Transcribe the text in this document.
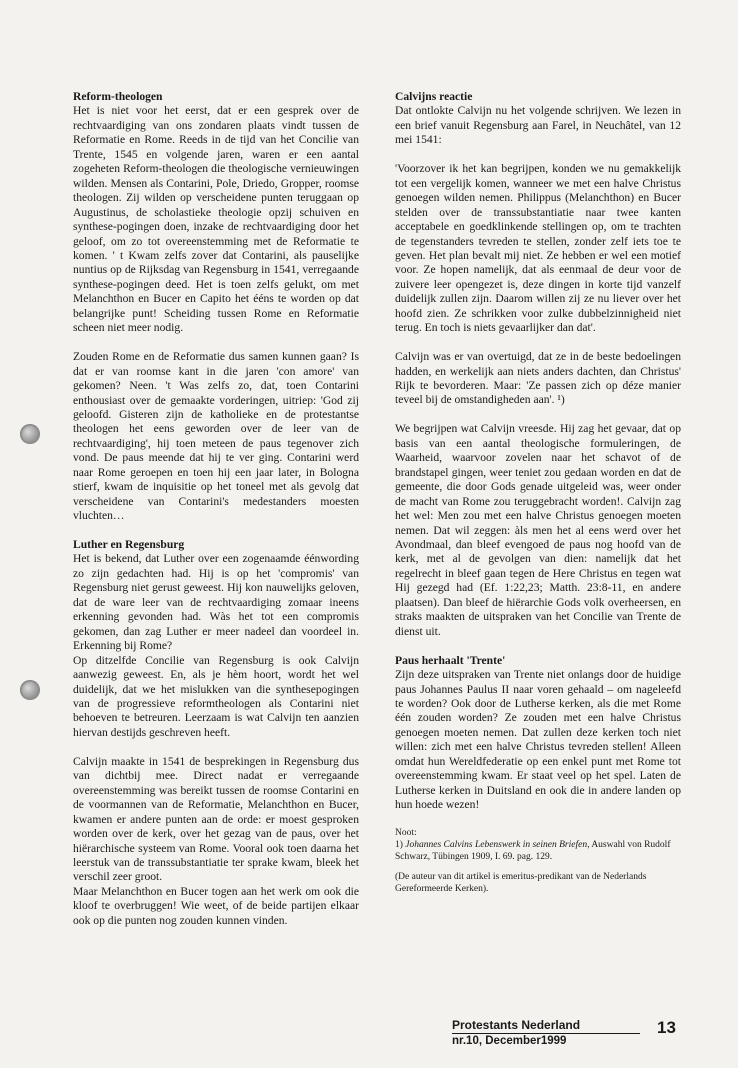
Reform-theologen

Het is niet voor het eerst, dat er een gesprek over de rechtvaardiging van ons zondaren plaats vindt tussen de Reformatie en Rome. Reeds in de tijd van het Concilie van Trente, 1545 en volgende jaren, waren er een aantal zogeheten Reform-theologen die theologische vernieuwingen wilden. Mensen als Contarini, Pole, Driedo, Gropper, roomse theologen. Zij wilden op verscheidene punten teruggaan op Augustinus, de scholastieke theologie opzij schuiven en synthese-pogingen doen, inzake de rechtvaardiging door het geloof, om zo tot overeenstemming met de Reformatie te komen. ' t Kwam zelfs zover dat Contarini, als pauselijke nuntius op de Rijksdag van Regensburg in 1541, verregaande synthese-pogingen deed. Het is toen zelfs gelukt, om met Melanchthon en Bucer en Capito het ééns te worden op dat belangrijke punt! Scheiding tussen Rome en Reformatie scheen niet meer nodig.

Zouden Rome en de Reformatie dus samen kunnen gaan? Is dat er van roomse kant in die jaren 'con amore' van gekomen? Neen. 't Was zelfs zo, dat, toen Contarini enthousiast over de gemaakte vorderingen, uitriep: 'God zij geloofd. Gisteren zijn de katholieke en de protestantse theologen het eens geworden over de leer van de rechtvaardiging', hij toen meteen de paus tegenover zich vond. De paus meende dat hij te ver ging. Contarini werd naar Rome geroepen en toen hij een jaar later, in Bologna stierf, kwam de inquisitie op het toneel met als gevolg dat verscheidene van Contarini's medestanders moesten vluchten…

Luther en Regensburg

Het is bekend, dat Luther over een zogenaamde éénwording zo zijn gedachten had. Hij is op het 'compromis' van Regensburg niet gerust geweest. Hij kon nauwelijks geloven, dat de ware leer van de rechtvaardiging zomaar ineens erkenning gevonden had. Wàs het tot een compromis gekomen, dan zag Luther er meer nadeel dan voordeel in. Erkenning bij Rome?

Op ditzelfde Concilie van Regensburg is ook Calvijn aanwezig geweest. En, als je hèm hoort, wordt het wel duidelijk, dat we het mislukken van die synthesepogingen van de progressieve reformtheologen als Contarini niet behoeven te betreuren. Leerzaam is wat Calvijn ten aanzien hiervan destijds geschreven heeft.

Calvijn maakte in 1541 de besprekingen in Regensburg dus van dichtbij mee. Direct nadat er verregaande overeenstemming was bereikt tussen de roomse Contarini en de voormannen van de Reformatie, Melanchthon en Bucer, kwamen er andere punten aan de orde: er moest gesproken worden over de kerk, over het gezag van de paus, over het hiërarchische systeem van Rome. Vooral ook toen daarna het leerstuk van de transsubstantiatie ter sprake kwam, bleek het verschil zeer groot.

Maar Melanchthon en Bucer togen aan het werk om ook die kloof te overbruggen! Wie weet, of de beide partijen elkaar ook op die punten nog zouden kunnen vinden.

Calvijns reactie

Dat ontlokte Calvijn nu het volgende schrijven. We lezen in een brief vanuit Regensburg aan Farel, in Neuchâtel, van 12 mei 1541:

'Voorzover ik het kan begrijpen, konden we nu gemakkelijk tot een vergelijk komen, wanneer we met een halve Christus genoegen wilden nemen. Philippus (Melanchthon) en Bucer stelden over de transsubstantiatie naar twee kanten acceptabele en goedklinkende stellingen op, om te trachten de tegenstanders tevreden te stellen, zonder zelf iets toe te geven. Het plan bevalt mij niet. Ze hebben er wel een motief voor. Ze hopen namelijk, dat als eenmaal de deur voor de zuivere leer opengezet is, deze dingen in korte tijd vanzelf duidelijk zullen zijn. Daarom willen zij ze nu liever over het hoofd zien. Ze schrikken voor zulke dubbelzinnigheid niet terug. En toch is niets gevaarlijker dan dat'.

Calvijn was er van overtuigd, dat ze in de beste bedoelingen hadden, en werkelijk aan niets anders dachten, dan Christus' Rijk te bevorderen. Maar: 'Ze passen zich op déze manier teveel bij de omstandigheden aan'. ¹)

We begrijpen wat Calvijn vreesde. Hij zag het gevaar, dat op basis van een aantal theologische formuleringen, de Waarheid, waarvoor zovelen naar het schavot of de brandstapel gingen, weer teniet zou gedaan worden en dat de gemeente, die door Gods genade uitgeleid was, weer onder de macht van Rome zou teruggebracht worden!. Calvijn zag het wel: Men zou met een halve Christus genoegen moeten nemen. Dat wil zeggen: àls men het al eens werd over het Avondmaal, dan bleef evengoed de paus nog hoofd van de kerk, met al de gevolgen van dien: namelijk dat het regelrecht in bleef gaan tegen de Here Christus en tegen wat Hij gezegd had (Ef. 1:22,23; Matth. 23:8-11, en andere plaatsen). Dan bleef de hiërarchie Gods volk overheersen, en straks maakten de uitspraken van het Concilie van Trente de dienst uit.

Paus herhaalt 'Trente'

Zijn deze uitspraken van Trente niet onlangs door de huidige paus Johannes Paulus II naar voren gehaald – om nageleefd te worden? Ook door de Lutherse kerken, als die met Rome één zouden worden? Ze zouden met een halve Christus genoegen moeten nemen. Dat zullen deze kerken toch niet willen: zich met een halve Christus tevreden stellen! Alleen omdat hun Wereldfederatie op een enkel punt met Rome tot overeenstemming kwam. Er staat veel op het spel. Laten de Lutherse kerken in Duitsland en ook die in andere landen op hun hoede wezen!

Noot:

1) Johannes Calvins Lebenswerk in seinen Briefen, Auswahl von Rudolf Schwarz, Tübingen 1909, I. 69. pag. 129.

(De auteur van dit artikel is emeritus-predikant van de Nederlands Gereformeerde Kerken).

Protestants Nederland
nr.10, December1999
13
